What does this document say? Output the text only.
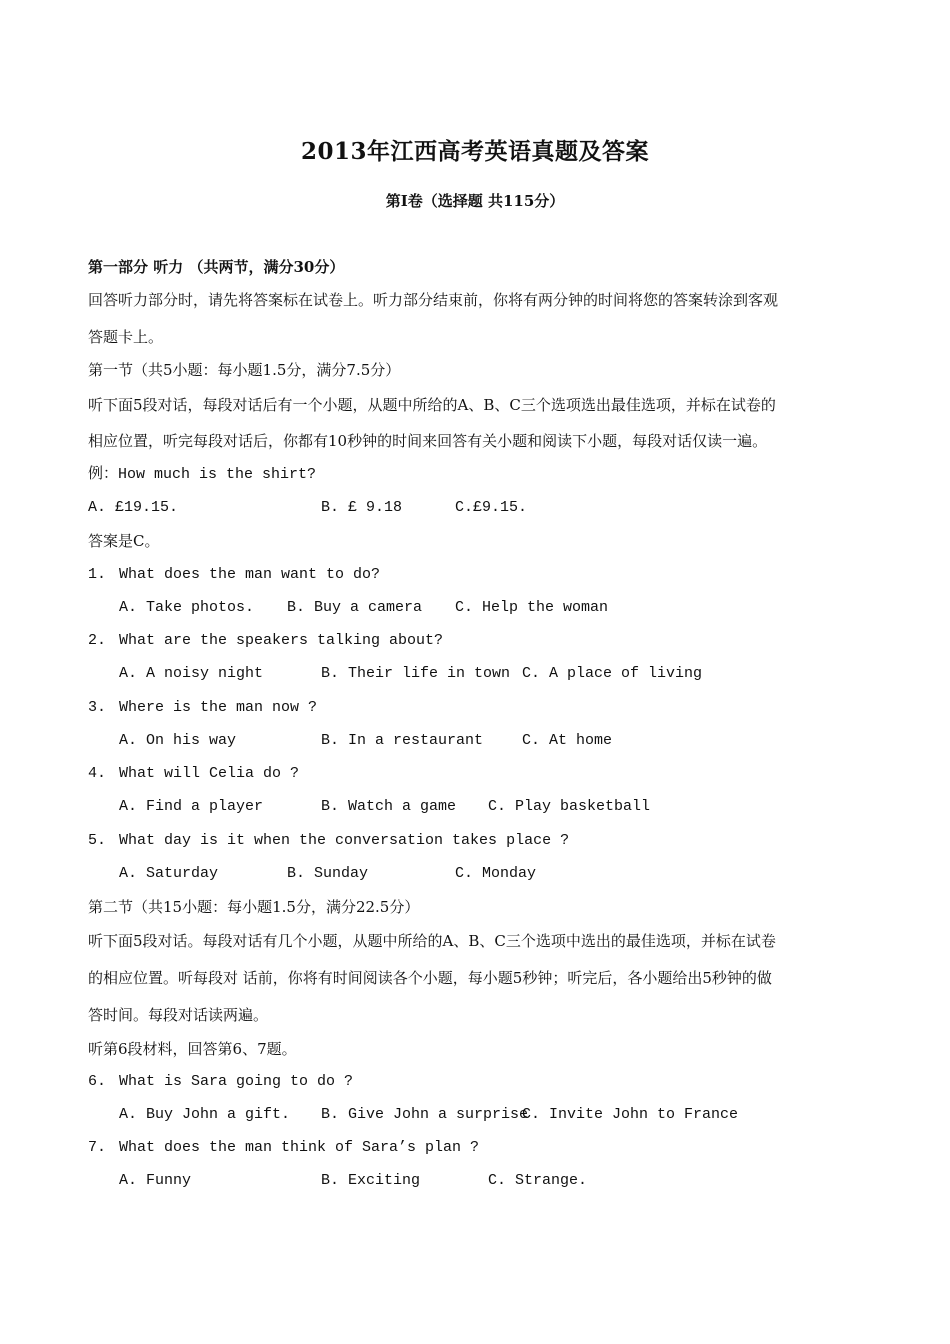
2013年江西高考英语真题及答案
第I卷（选择题 共115分）
第一部分 听力 （共两节，满分30分）
回答听力部分时，请先将答案标在试卷上。听力部分结束前，你将有两分钟的时间将您的答案转涂到客观
答题卡上。
第一节（共5小题：每小题1.5分，满分7.5分）
听下面5段对话，每段对话后有一个小题，从题中所给的A、B、C三个选项选出最佳选项，并标在试卷的
相应位置，听完每段对话后，你都有10秒钟的时间来回答有关小题和阅读下小题，每段对话仅读一遍。
例：How much is the shirt?
A. £19.15.	B. £ 9.18	C.£9.15.
答案是C。
1. What does the man want to do?
A. Take photos. B. Buy a camera C. Help the woman
2. What are the speakers talking about?
A. A noisy night	B. Their life in town C. A place of living
3. Where is the man now ?
A. On his way	B. In a restaurant	C. At home
4. What will Celia do ?
A. Find a player	B. Watch a game C. Play basketball
5. What day is it when the conversation takes place ?
A. Saturday	B. Sunday	C. Monday
第二节（共15小题：每小题1.5分，满分22.5分）
听下面5段对话。每段对话有几个小题，从题中所给的A、B、C三个选项中选出的最佳选项，并标在试卷
的相应位置。听每段对 话前，你将有时间阅读各个小题，每小题5秒钟；听完后，各小题给出5秒钟的做
答时间。每段对话读两遍。
听第6段材料，回答第6、7题。
6. What is Sara going to do ?
A. Buy John a gift. B. Give John a surprise
C. Invite John to France
7. What does the man think of Sara’s plan ?
A. Funny	B. Exciting	C. Strange.
